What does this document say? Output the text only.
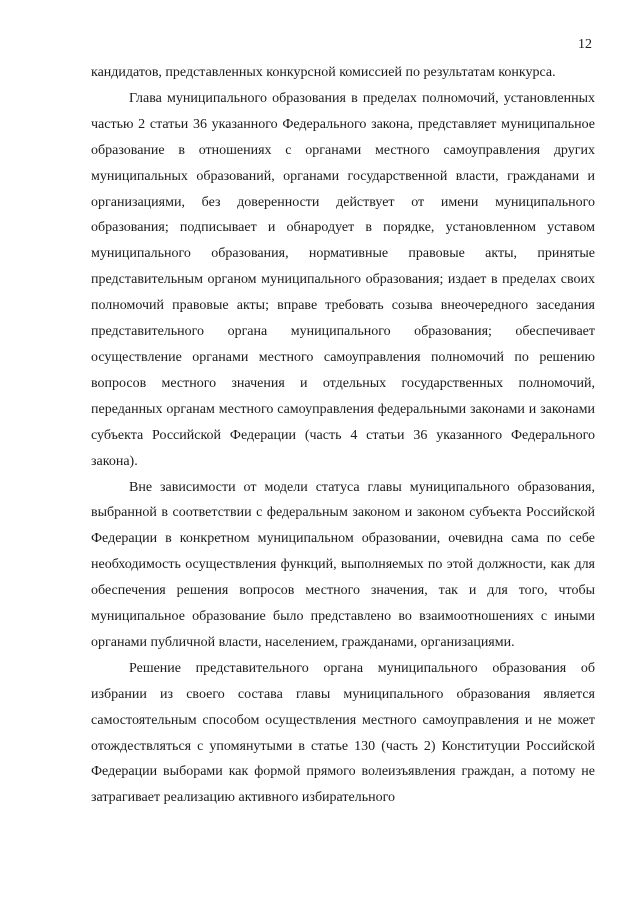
12

кандидатов, представленных конкурсной комиссией по результатам конкурса.

Глава муниципального образования в пределах полномочий, установленных частью 2 статьи 36 указанного Федерального закона, представляет муниципальное образование в отношениях с органами местного самоуправления других муниципальных образований, органами государственной власти, гражданами и организациями, без доверенности действует от имени муниципального образования; подписывает и обнародует в порядке, установленном уставом муниципального образования, нормативные правовые акты, принятые представительным органом муниципального образования; издает в пределах своих полномочий правовые акты; вправе требовать созыва внеочередного заседания представительного органа муниципального образования; обеспечивает осуществление органами местного самоуправления полномочий по решению вопросов местного значения и отдельных государственных полномочий, переданных органам местного самоуправления федеральными законами и законами субъекта Российской Федерации (часть 4 статьи 36 указанного Федерального закона).

Вне зависимости от модели статуса главы муниципального образования, выбранной в соответствии с федеральным законом и законом субъекта Российской Федерации в конкретном муниципальном образовании, очевидна сама по себе необходимость осуществления функций, выполняемых по этой должности, как для обеспечения решения вопросов местного значения, так и для того, чтобы муниципальное образование было представлено во взаимоотношениях с иными органами публичной власти, населением, гражданами, организациями.

Решение представительного органа муниципального образования об избрании из своего состава главы муниципального образования является самостоятельным способом осуществления местного самоуправления и не может отождествляться с упомянутыми в статье 130 (часть 2) Конституции Российской Федерации выборами как формой прямого волеизъявления граждан, а потому не затрагивает реализацию активного избирательного
